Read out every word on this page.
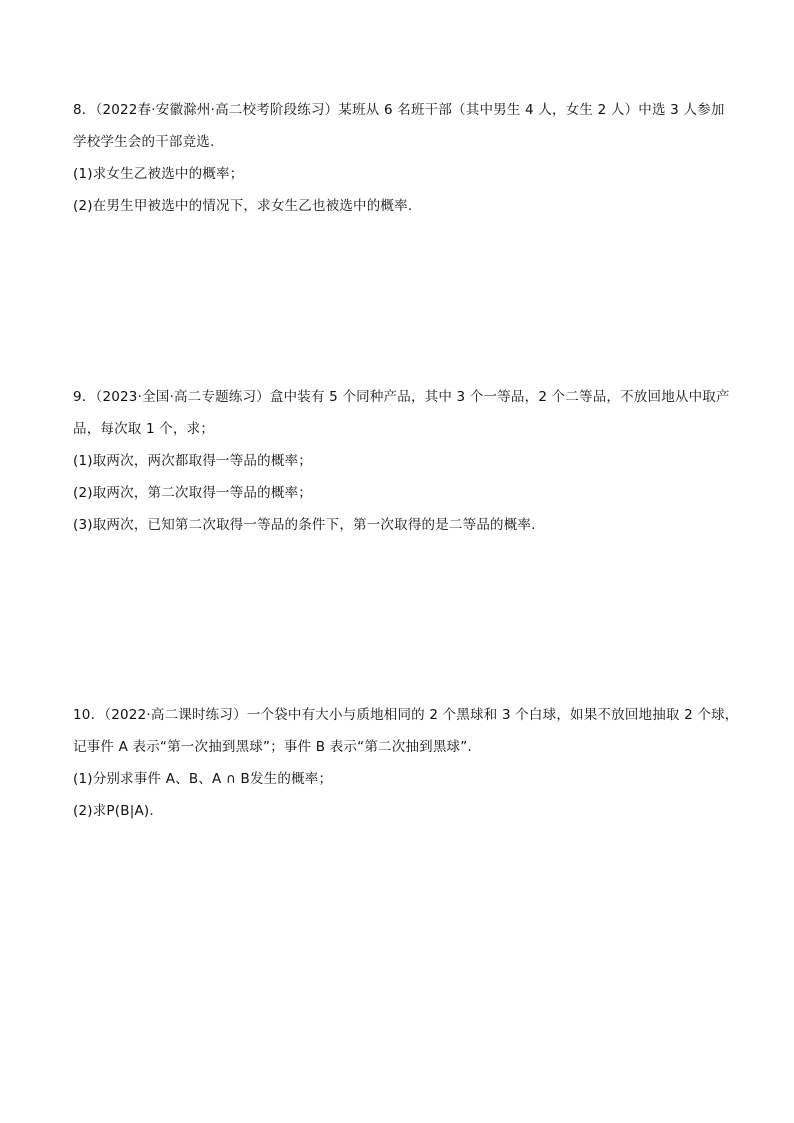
8．（2022春·安徽滁州·高二校考阶段练习）某班从 6 名班干部（其中男生 4 人，女生 2 人）中选 3 人参加
学校学生会的干部竞选.
(1)求女生乙被选中的概率；
(2)在男生甲被选中的情况下，求女生乙也被选中的概率.
9．（2023·全国·高二专题练习）盒中装有 5 个同种产品，其中 3 个一等品，2 个二等品，不放回地从中取产
品，每次取 1 个，求；
(1)取两次，两次都取得一等品的概率；
(2)取两次，第二次取得一等品的概率；
(3)取两次，已知第二次取得一等品的条件下，第一次取得的是二等品的概率.
10．（2022·高二课时练习）一个袋中有大小与质地相同的 2 个黑球和 3 个白球，如果不放回地抽取 2 个球，
记事件 A 表示“第一次抽到黑球”；事件 B 表示“第二次抽到黑球”.
(1)分别求事件 A、B、A ∩ B发生的概率；
(2)求P(B|A).
